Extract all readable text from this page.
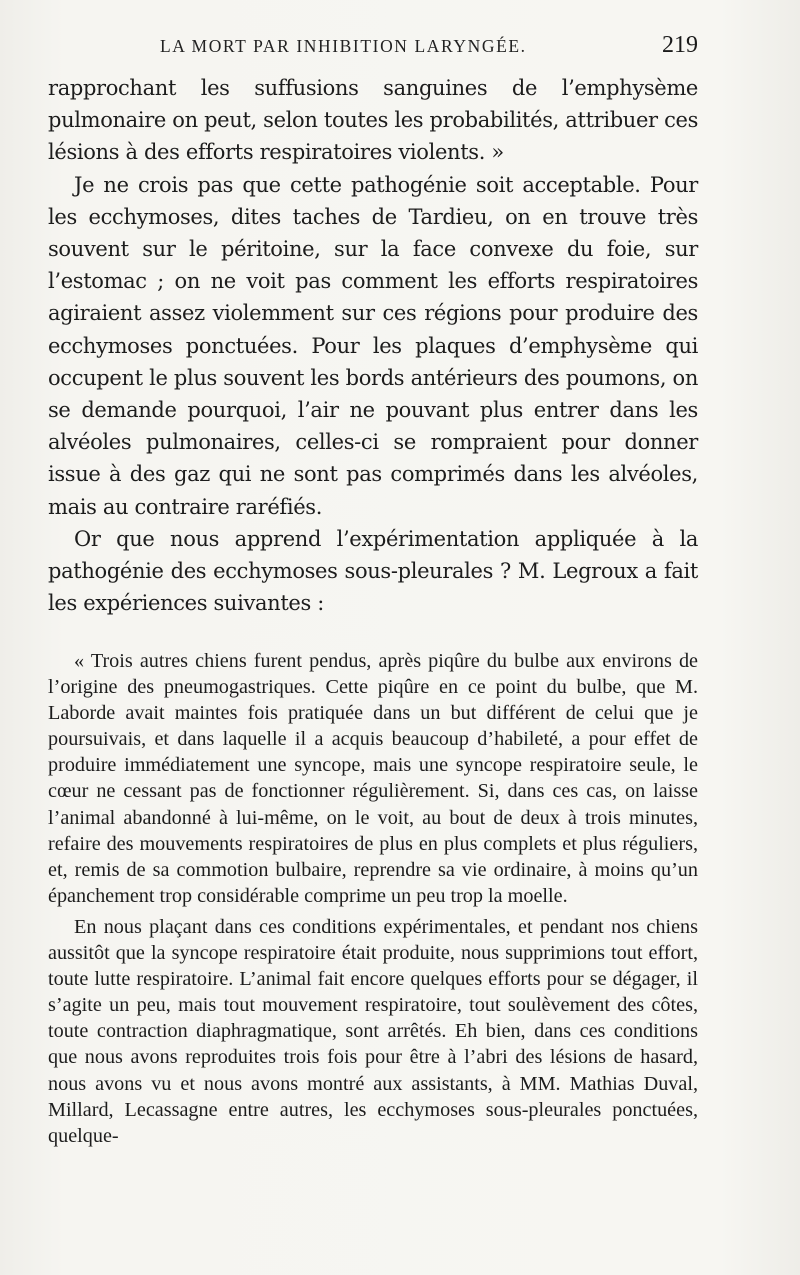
LA MORT PAR INHIBITION LARYNGÉE.	219

rapprochant les suffusions sanguines de l’emphysème pulmonaire on peut, selon toutes les probabilités, attribuer ces lésions à des efforts respiratoires violents. »

Je ne crois pas que cette pathogénie soit acceptable. Pour les ecchymoses, dites taches de Tardieu, on en trouve très souvent sur le péritoine, sur la face convexe du foie, sur l’estomac ; on ne voit pas comment les efforts respiratoires agiraient assez violemment sur ces régions pour produire des ecchymoses ponctuées. Pour les plaques d’emphysème qui occupent le plus souvent les bords antérieurs des poumons, on se demande pourquoi, l’air ne pouvant plus entrer dans les alvéoles pulmonaires, celles-ci se rompraient pour donner issue à des gaz qui ne sont pas comprimés dans les alvéoles, mais au contraire raréfiés.

Or que nous apprend l’expérimentation appliquée à la pathogénie des ecchymoses sous-pleurales ? M. Legroux a fait les expériences suivantes :

« Trois autres chiens furent pendus, après piqûre du bulbe aux environs de l’origine des pneumogastriques. Cette piqûre en ce point du bulbe, que M. Laborde avait maintes fois pratiquée dans un but différent de celui que je poursuivais, et dans laquelle il a acquis beaucoup d’habileté, a pour effet de produire immédiatement une syncope, mais une syncope respiratoire seule, le cœur ne cessant pas de fonctionner régulièrement. Si, dans ces cas, on laisse l’animal abandonné à lui-même, on le voit, au bout de deux à trois minutes, refaire des mouvements respiratoires de plus en plus complets et plus réguliers, et, remis de sa commotion bulbaire, reprendre sa vie ordinaire, à moins qu’un épanchement trop considérable comprime un peu trop la moelle.

En nous plaçant dans ces conditions expérimentales, et pendant nos chiens aussitôt que la syncope respiratoire était produite, nous supprimions tout effort, toute lutte respiratoire. L’animal fait encore quelques efforts pour se dégager, il s’agite un peu, mais tout mouvement respiratoire, tout soulèvement des côtes, toute contraction diaphragmatique, sont arrêtés. Eh bien, dans ces conditions que nous avons reproduites trois fois pour être à l’abri des lésions de hasard, nous avons vu et nous avons montré aux assistants, à MM. Mathias Duval, Millard, Lecassagne entre autres, les ecchymoses sous-pleurales ponctuées, quelque-
